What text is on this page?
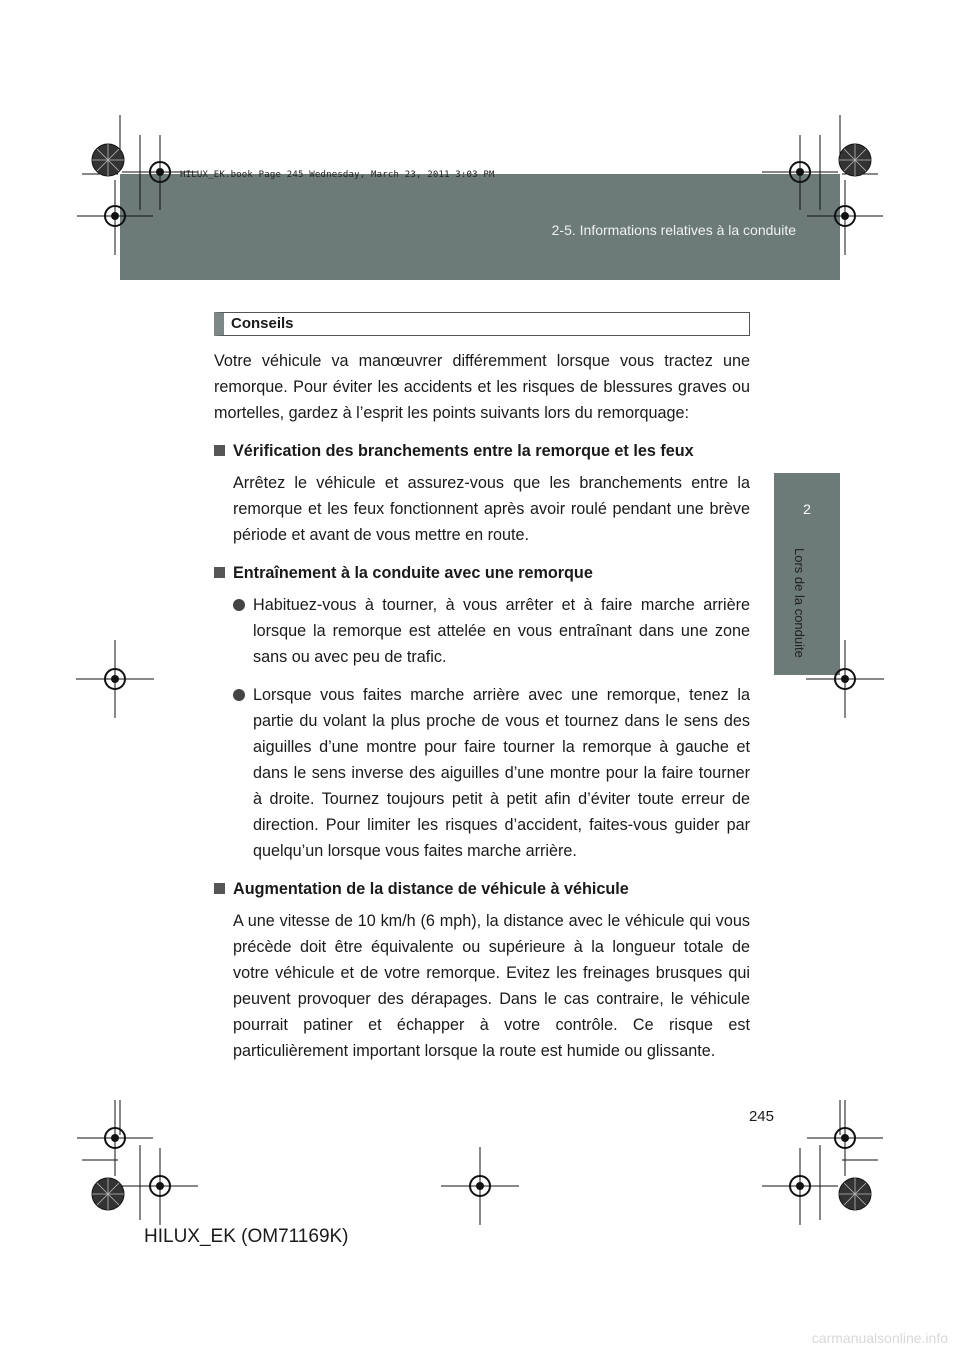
HILUX_EK.book Page 245 Wednesday, March 23, 2011 3:03 PM
2-5. Informations relatives à la conduite
2
Lors de la conduite
Conseils

Votre véhicule va manœuvrer différemment lorsque vous tractez une remorque. Pour éviter les accidents et les risques de blessures graves ou mortelles, gardez à l’esprit les points suivants lors du remorquage:

Vérification des branchements entre la remorque et les feux

Arrêtez le véhicule et assurez-vous que les branchements entre la remorque et les feux fonctionnent après avoir roulé pendant une brève période et avant de vous mettre en route.

Entraînement à la conduite avec une remorque

Habituez-vous à tourner, à vous arrêter et à faire marche arrière lorsque la remorque est attelée en vous entraînant dans une zone sans ou avec peu de trafic.

Lorsque vous faites marche arrière avec une remorque, tenez la partie du volant la plus proche de vous et tournez dans le sens des aiguilles d’une montre pour faire tourner la remorque à gauche et dans le sens inverse des aiguilles d’une montre pour la faire tourner à droite. Tournez toujours petit à petit afin d’éviter toute erreur de direction. Pour limiter les risques d’accident, faites-vous guider par quelqu’un lorsque vous faites marche arrière.

Augmentation de la distance de véhicule à véhicule

A une vitesse de 10 km/h (6 mph), la distance avec le véhicule qui vous précède doit être équivalente ou supérieure à la longueur totale de votre véhicule et de votre remorque. Evitez les freinages brusques qui peuvent provoquer des dérapages. Dans le cas contraire, le véhicule pourrait patiner et échapper à votre contrôle. Ce risque est particulièrement important lorsque la route est humide ou glissante.

245
HILUX_EK (OM71169K)
carmanualsonline.info
